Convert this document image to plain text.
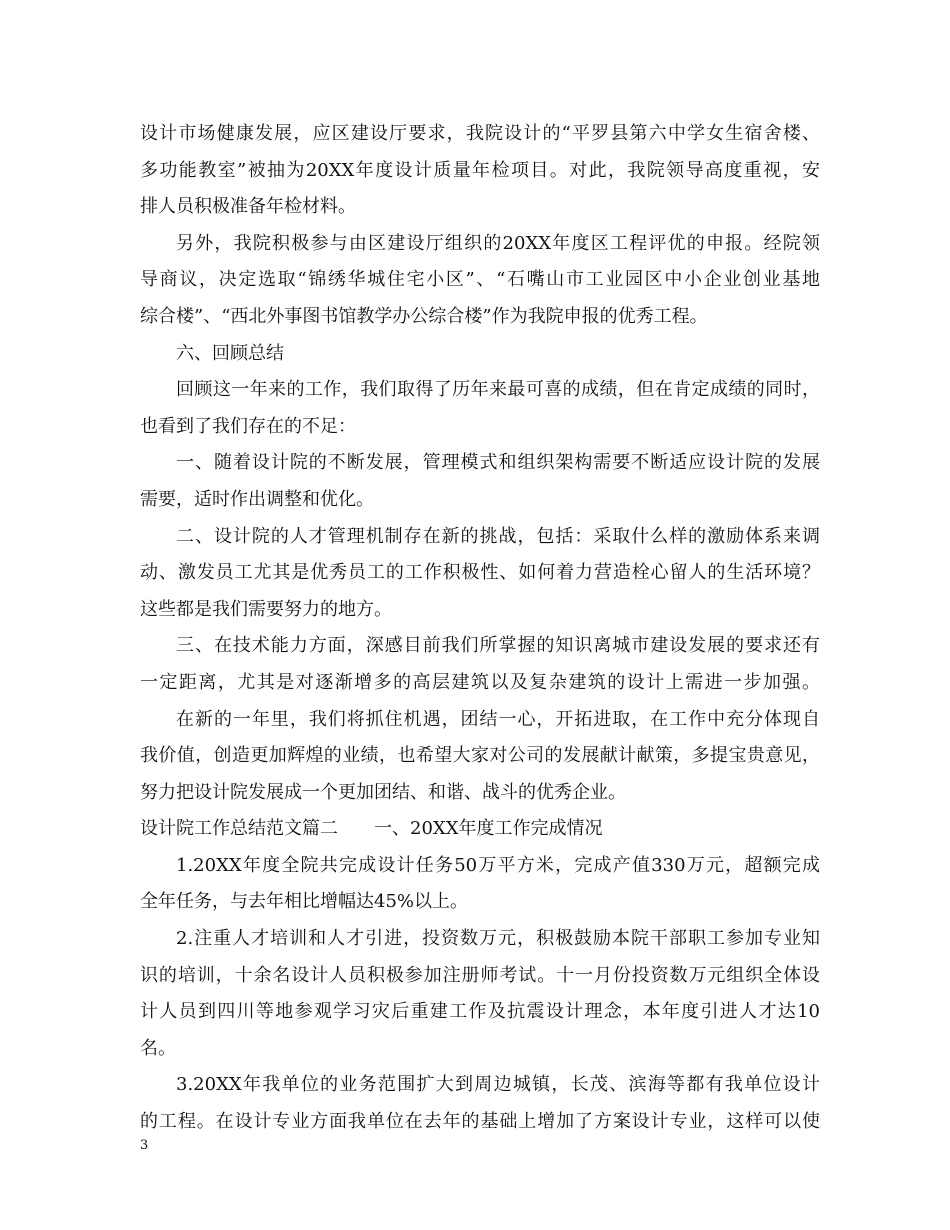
设计市场健康发展，应区建设厅要求，我院设计的“平罗县第六中学女生宿舍楼、
多功能教室”被抽为20XX年度设计质量年检项目。对此，我院领导高度重视，安
排人员积极准备年检材料。
另外，我院积极参与由区建设厅组织的20XX年度区工程评优的申报。经院领
导商议，决定选取“锦绣华城住宅小区”、“石嘴山市工业园区中小企业创业基地
综合楼”、“西北外事图书馆教学办公综合楼”作为我院申报的优秀工程。
六、回顾总结
回顾这一年来的工作，我们取得了历年来最可喜的成绩，但在肯定成绩的同时，
也看到了我们存在的不足：
一、随着设计院的不断发展，管理模式和组织架构需要不断适应设计院的发展
需要，适时作出调整和优化。
二、设计院的人才管理机制存在新的挑战，包括：采取什么样的激励体系来调
动、激发员工尤其是优秀员工的工作积极性、如何着力营造栓心留人的生活环境？
这些都是我们需要努力的地方。
三、在技术能力方面，深感目前我们所掌握的知识离城市建设发展的要求还有
一定距离，尤其是对逐渐增多的高层建筑以及复杂建筑的设计上需进一步加强。
在新的一年里，我们将抓住机遇，团结一心，开拓进取，在工作中充分体现自
我价值，创造更加辉煌的业绩，也希望大家对公司的发展献计献策，多提宝贵意见，
努力把设计院发展成一个更加团结、和谐、战斗的优秀企业。
设计院工作总结范文篇二　　一、20XX年度工作完成情况
1.20XX年度全院共完成设计任务50万平方米，完成产值330万元，超额完成
全年任务，与去年相比增幅达45%以上。
2.注重人才培训和人才引进，投资数万元，积极鼓励本院干部职工参加专业知
识的培训，十余名设计人员积极参加注册师考试。十一月份投资数万元组织全体设
计人员到四川等地参观学习灾后重建工作及抗震设计理念，本年度引进人才达10
名。
3.20XX年我单位的业务范围扩大到周边城镇，长茂、滨海等都有我单位设计
的工程。在设计专业方面我单位在去年的基础上增加了方案设计专业，这样可以使
3
